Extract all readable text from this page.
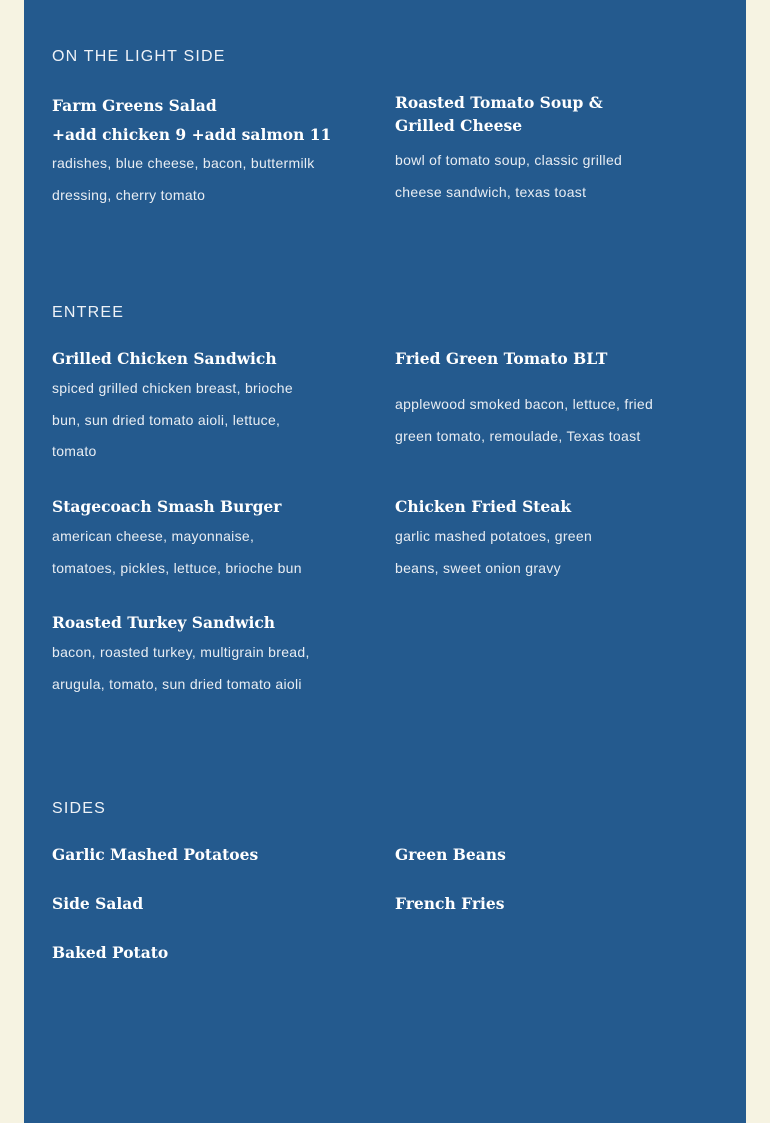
ON THE LIGHT SIDE
Farm Greens Salad
+add chicken 9 +add salmon 11

radishes, blue cheese, bacon, buttermilk dressing, cherry tomato

Roasted Tomato Soup &
Grilled Cheese

bowl of tomato soup, classic grilled cheese sandwich, texas toast

ENTREE

Grilled Chicken Sandwich

spiced grilled chicken breast, brioche bun, sun dried tomato aioli, lettuce, tomato

Fried Green Tomato BLT

applewood smoked bacon, lettuce, fried green tomato, remoulade, Texas toast

Stagecoach Smash Burger

american cheese, mayonnaise, tomatoes, pickles, lettuce, brioche bun

Chicken Fried Steak

garlic mashed potatoes, green beans, sweet onion gravy

Roasted Turkey Sandwich

bacon, roasted turkey, multigrain bread, arugula, tomato, sun dried tomato aioli

SIDES

Garlic Mashed Potatoes	Green Beans

Side Salad	French Fries

Baked Potato
